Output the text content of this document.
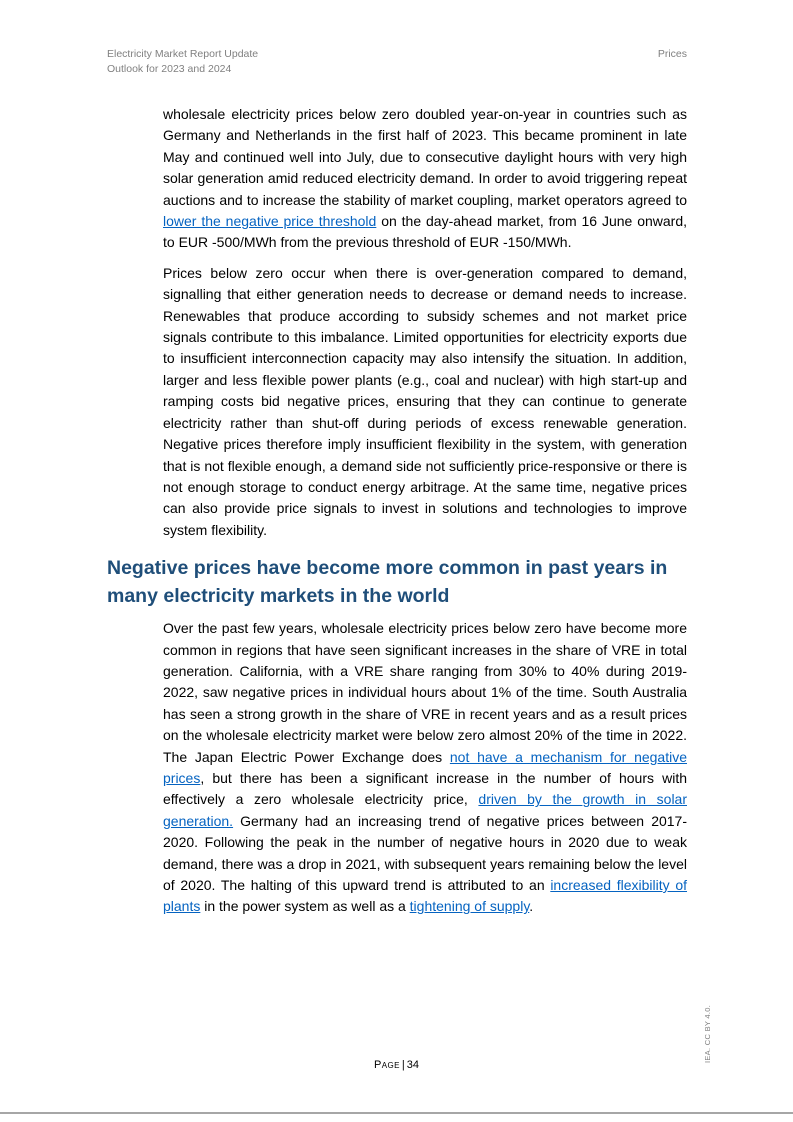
Electricity Market Report Update
Outlook for 2023 and 2024
Prices

wholesale electricity prices below zero doubled year-on-year in countries such as Germany and Netherlands in the first half of 2023. This became prominent in late May and continued well into July, due to consecutive daylight hours with very high solar generation amid reduced electricity demand. In order to avoid triggering repeat auctions and to increase the stability of market coupling, market operators agreed to lower the negative price threshold on the day-ahead market, from 16 June onward, to EUR -500/MWh from the previous threshold of EUR -150/MWh.

Prices below zero occur when there is over-generation compared to demand, signalling that either generation needs to decrease or demand needs to increase. Renewables that produce according to subsidy schemes and not market price signals contribute to this imbalance. Limited opportunities for electricity exports due to insufficient interconnection capacity may also intensify the situation. In addition, larger and less flexible power plants (e.g., coal and nuclear) with high start-up and ramping costs bid negative prices, ensuring that they can continue to generate electricity rather than shut-off during periods of excess renewable generation. Negative prices therefore imply insufficient flexibility in the system, with generation that is not flexible enough, a demand side not sufficiently price-responsive or there is not enough storage to conduct energy arbitrage. At the same time, negative prices can also provide price signals to invest in solutions and technologies to improve system flexibility.

Negative prices have become more common in past years in many electricity markets in the world

Over the past few years, wholesale electricity prices below zero have become more common in regions that have seen significant increases in the share of VRE in total generation. California, with a VRE share ranging from 30% to 40% during 2019-2022, saw negative prices in individual hours about 1% of the time. South Australia has seen a strong growth in the share of VRE in recent years and as a result prices on the wholesale electricity market were below zero almost 20% of the time in 2022. The Japan Electric Power Exchange does not have a mechanism for negative prices, but there has been a significant increase in the number of hours with effectively a zero wholesale electricity price, driven by the growth in solar generation. Germany had an increasing trend of negative prices between 2017-2020. Following the peak in the number of negative hours in 2020 due to weak demand, there was a drop in 2021, with subsequent years remaining below the level of 2020. The halting of this upward trend is attributed to an increased flexibility of plants in the power system as well as a tightening of supply.

IEA. CC BY 4.0.
Page | 34
